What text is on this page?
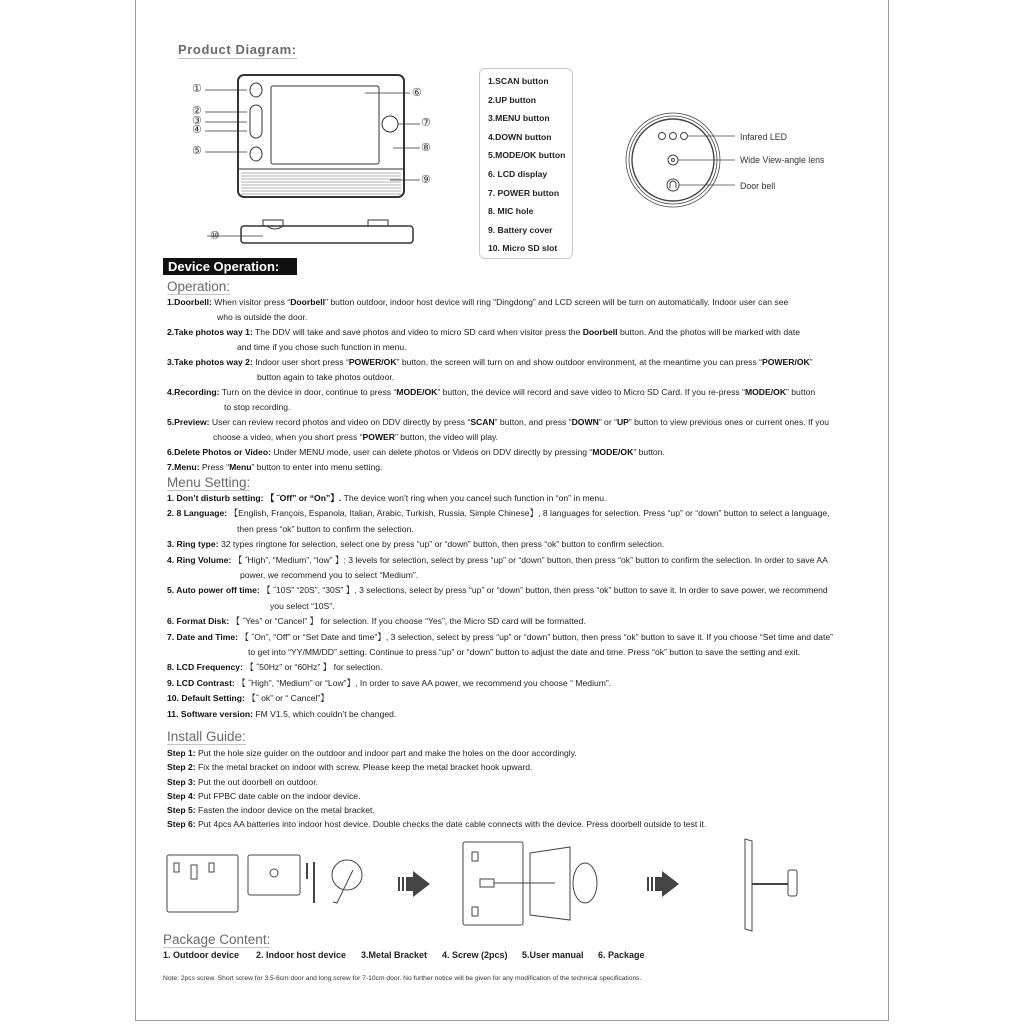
Product Diagram:
①
②
③
④
⑤
⑥
⑦
⑧
⑨
⑩
1.SCAN button
2.UP button
3.MENU button
4.DOWN button
5.MODE/OK button
6. LCD display
7. POWER button
8. MIC hole
9. Battery cover
10. Micro SD slot
Infared LED
Wide View-angle lens
Door bell
Device Operation:
Operation:
1.Doorbell: When visitor press “Doorbell” button outdoor, indoor host device will ring “Dingdong” and LCD screen will be turn on automatically. Indoor user can see
who is outside the door.
2.Take photos way 1: The DDV will take and save photos and video to micro SD card when visitor press the Doorbell button. And the photos will be marked with date
and time if you chose such function in menu.
3.Take photos way 2: Indoor user short press “POWER/OK” button, the screen will turn on and show outdoor environment, at the meantime you can press “POWER/OK”
button again to take photos outdoor.
4.Recording: Turn on the device in door, continue to press “MODE/OK” button, the device will record and save video to Micro SD Card. If you re-press “MODE/OK” button
to stop recording.
5.Preview: User can review record photos and video on DDV directly by press “SCAN” button, and press “DOWN” or “UP” button to view previous ones or current ones. If you
choose a video, when you short press “POWER” button, the video will play.
6.Delete Photos or Video: Under MENU mode, user can delete photos or Videos on DDV directly by pressing “MODE/OK” button.
7.Menu: Press “Menu” button to enter into menu setting.
Menu Setting:
1. Don’t disturb setting: 【 ˝Off” or “On”】. The device won’t ring when you cancel such function in “on” in menu.
2. 8 Language: 【English, François, Espanola, Italian, Arabic, Turkish, Russia, Simple Chinese】, 8 languages for selection. Press “up” or “down” button to select a language,
then press “ok” button to confirm the selection.
3. Ring type: 32 types ringtone for selection, select one by press “up” or “down” button, then press “ok” button to confirm selection.
4. Ring Volume: 【 ˝High”, “Medium”, “low” 】: 3 levels for selection, select by press “up” or “down” button, then press “ok” button to confirm the selection. In order to save AA
power, we recommend you to select “Medium”.
5. Auto power off time: 【 ˝10S” “20S”, “30S” 】, 3 selections, select by press “up” or “down” button, then press “ok” button to save it. In order to save power, we recommend
you select “10S”.
6. Format Disk: 【 ˝Yes” or “Cancel” 】 for selection. If you choose “Yes”, the Micro SD card will be formatted.
7. Date and Time: 【 ˝On”, “Off” or “Set Date and time”】, 3 selection, select by press “up” or “down” button, then press “ok” button to save it. If you choose “Set time and date”
to get into “YY/MM/DD” setting. Continue to press “up” or “down” button to adjust the date and time. Press “ok” button to save the setting and exit.
8. LCD Frequency: 【 ˝50Hz” or “60Hz” 】 for selection.
9. LCD Contrast: 【 ˝High”, “Medium” or “Low”】, In order to save AA power, we recommend you choose “ Medium”.
10. Default Setting: 【˝ ok” or “ Cancel”】
11. Software version: FM V1.5, which couldn’t be changed.
Install Guide:
Step 1: Put the hole size guider on the outdoor and indoor part and make the holes on the door accordingly.
Step 2: Fix the metal bracket on indoor with screw. Please keep the metal bracket hook upward.
Step 3: Put the out doorbell on outdoor.
Step 4: Put FPBC date cable on the indoor device.
Step 5: Fasten the indoor device on the metal bracket.
Step 6: Put 4pcs AA batteries into indoor host device. Double checks the date cable connects with the device. Press doorbell outside to test it.
Package Content:
1. Outdoor device 2. Indoor host device 3.Metal Bracket 4. Screw (2pcs) 5.User manual 6. Package
Note: 2pcs screw. Short screw for 3.5-6cm door and long screw for 7-10cm door. No further notice will be given for any modification of the technical specifications.
